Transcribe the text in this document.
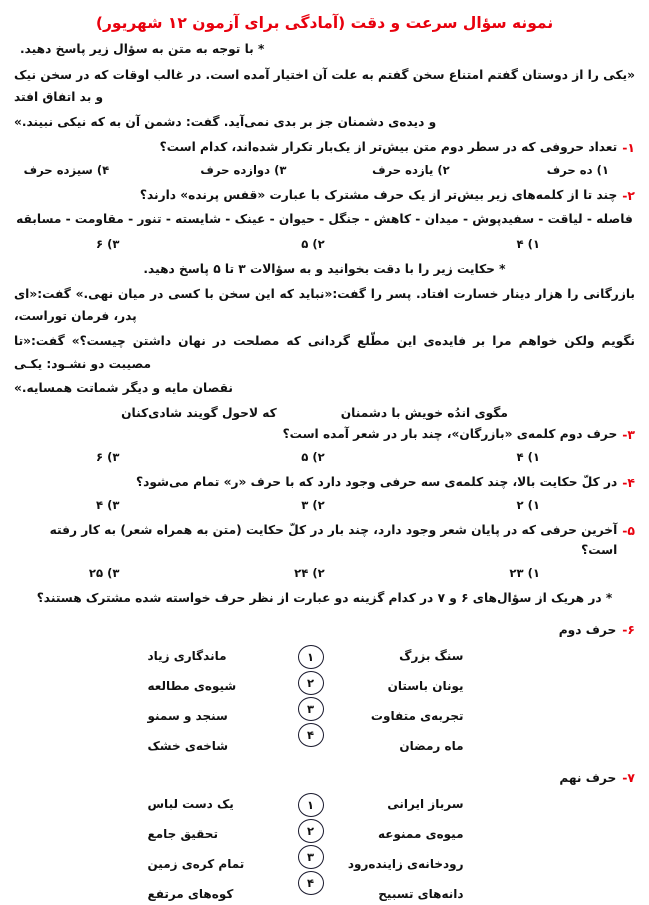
نمونه سؤال سرعت و دقت (آمادگی برای آزمون ۱۲ شهریور)
* با توجه به متن به سؤال زیر پاسخ دهید.
«یکی را از دوستان گفتم امتناع سخن گفتم به علت آن اختیار آمده است. در غالب اوقات که در سخن نیک و بد اتفاق افتد
و دیده‌ی دشمنان جز بر بدی نمی‌آید. گفت: دشمن آن به که نیکی نبیند.»
۱-
تعداد حروفی که در سطر دوم متن بیش‌تر از یک‌بار تکرار شده‌اند، کدام است؟
۱) ده حرف
۲) یازده حرف
۳) دوازده حرف
۴) سیزده حرف
۲-
چند تا از کلمه‌های زیر بیش‌تر از یک حرف مشترک با عبارت «قفس پرنده» دارند؟
فاصله - لیاقت - سفیدپوش - میدان - کاهش - جنگل - حیوان - عینک - شایسته - تنور - مقاومت - مسابقه
۱) ۴
۲) ۵
۳) ۶
* حکایت زیر را با دقت بخوانید و به سؤالات ۳ تا ۵ پاسخ دهید.
بازرگانی را هزار دینار خسارت افتاد. پسر را گفت:«نباید که این سخن با کسی در میان نهی.» گفت:«ای پدر، فرمان توراست،
نگویم ولکن خواهم مرا بر فایده‌ی این مطّلع گردانی که مصلحت در نهان داشتن چیست؟» گفت:«تا مصیبت دو نشـود: یکـی
نقصان مایه و دیگر شماتت همسایه.»
مگوی اندُه خویش با دشمنان
که لاحول گویند شادی‌کنان
۳-
حرف دوم کلمه‌ی «بازرگان»، چند بار در شعر آمده است؟
۱) ۴
۲) ۵
۳) ۶
۴-
در کلّ حکایت بالا، چند کلمه‌ی سه حرفی وجود دارد که با حرف «ر» تمام می‌شود؟
۱) ۲
۲) ۳
۳) ۴
۵-
آخرین حرفی که در پایان شعر وجود دارد، چند بار در کلّ حکایت (متن به همراه شعر) به کار رفته است؟
۱) ۲۳
۲) ۲۴
۳) ۲۵
* در هریک از سؤال‌های ۶ و ۷ در کدام گزینه دو عبارت از نظر حرف خواسته شده مشترک هستند؟
۶-
حرف دوم
سنگ بزرگ
یونان باستان
تجربه‌ی متفاوت
ماه رمضان
۱
۲
۳
۴
ماندگاری زیاد
شیوه‌ی مطالعه
سنجد و سمنو
شاخه‌ی خشک
۷-
حرف نهم
سرباز ایرانی
میوه‌ی ممنوعه
رودخانه‌ی زاینده‌رود
دانه‌های تسبیح
۱
۲
۳
۴
یک دست لباس
تحقیق جامع
تمام کره‌ی زمین
کوه‌های مرتفع
